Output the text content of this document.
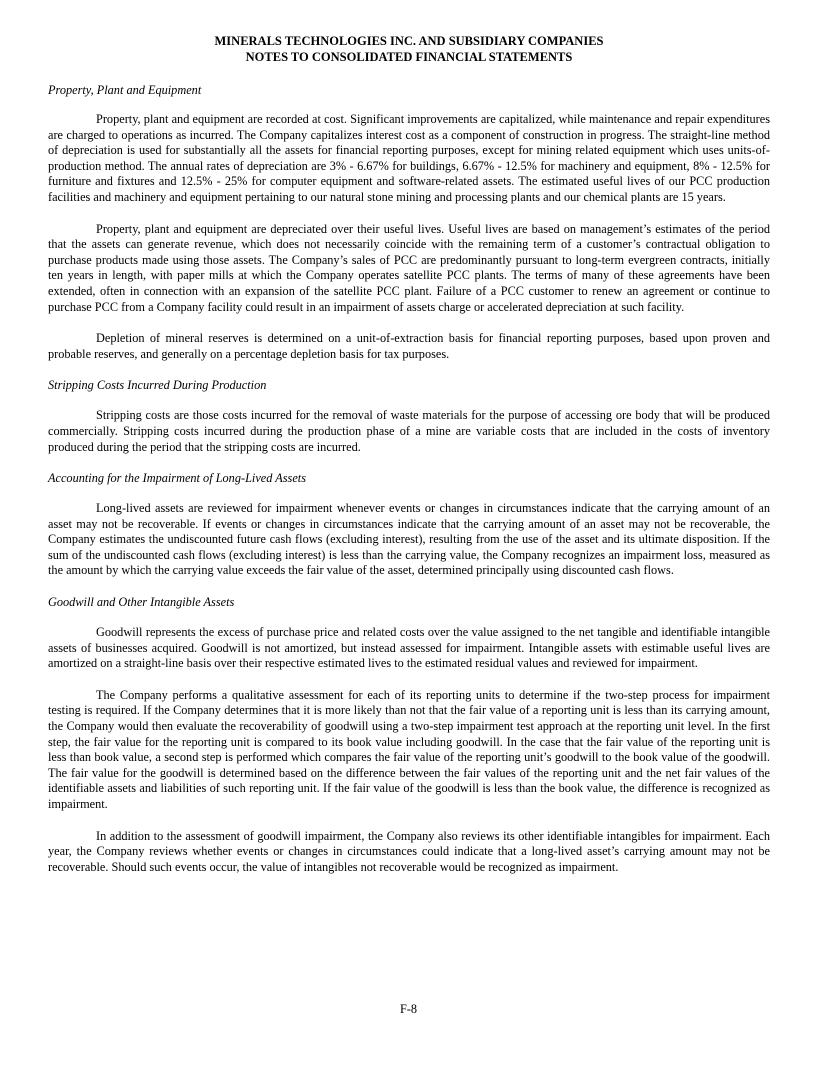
MINERALS TECHNOLOGIES INC. AND SUBSIDIARY COMPANIES

NOTES TO CONSOLIDATED FINANCIAL STATEMENTS

Property, Plant and Equipment

Property, plant and equipment are recorded at cost. Significant improvements are capitalized, while maintenance and repair expenditures are charged to operations as incurred. The Company capitalizes interest cost as a component of construction in progress. The straight-line method of depreciation is used for substantially all the assets for financial reporting purposes, except for mining related equipment which uses units-of-production method. The annual rates of depreciation are 3% - 6.67% for buildings, 6.67% - 12.5% for machinery and equipment, 8% - 12.5% for furniture and fixtures and 12.5% - 25% for computer equipment and software-related assets. The estimated useful lives of our PCC production facilities and machinery and equipment pertaining to our natural stone mining and processing plants and our chemical plants are 15 years.

Property, plant and equipment are depreciated over their useful lives. Useful lives are based on management’s estimates of the period that the assets can generate revenue, which does not necessarily coincide with the remaining term of a customer’s contractual obligation to purchase products made using those assets. The Company’s sales of PCC are predominantly pursuant to long-term evergreen contracts, initially ten years in length, with paper mills at which the Company operates satellite PCC plants. The terms of many of these agreements have been extended, often in connection with an expansion of the satellite PCC plant. Failure of a PCC customer to renew an agreement or continue to purchase PCC from a Company facility could result in an impairment of assets charge or accelerated depreciation at such facility.

Depletion of mineral reserves is determined on a unit-of-extraction basis for financial reporting purposes, based upon proven and probable reserves, and generally on a percentage depletion basis for tax purposes.

Stripping Costs Incurred During Production

Stripping costs are those costs incurred for the removal of waste materials for the purpose of accessing ore body that will be produced commercially. Stripping costs incurred during the production phase of a mine are variable costs that are included in the costs of inventory produced during the period that the stripping costs are incurred.

Accounting for the Impairment of Long-Lived Assets

Long-lived assets are reviewed for impairment whenever events or changes in circumstances indicate that the carrying amount of an asset may not be recoverable. If events or changes in circumstances indicate that the carrying amount of an asset may not be recoverable, the Company estimates the undiscounted future cash flows (excluding interest), resulting from the use of the asset and its ultimate disposition. If the sum of the undiscounted cash flows (excluding interest) is less than the carrying value, the Company recognizes an impairment loss, measured as the amount by which the carrying value exceeds the fair value of the asset, determined principally using discounted cash flows.

Goodwill and Other Intangible Assets

Goodwill represents the excess of purchase price and related costs over the value assigned to the net tangible and identifiable intangible assets of businesses acquired. Goodwill is not amortized, but instead assessed for impairment. Intangible assets with estimable useful lives are amortized on a straight-line basis over their respective estimated lives to the estimated residual values and reviewed for impairment.

The Company performs a qualitative assessment for each of its reporting units to determine if the two-step process for impairment testing is required. If the Company determines that it is more likely than not that the fair value of a reporting unit is less than its carrying amount, the Company would then evaluate the recoverability of goodwill using a two-step impairment test approach at the reporting unit level. In the first step, the fair value for the reporting unit is compared to its book value including goodwill. In the case that the fair value of the reporting unit is less than book value, a second step is performed which compares the fair value of the reporting unit’s goodwill to the book value of the goodwill. The fair value for the goodwill is determined based on the difference between the fair values of the reporting unit and the net fair values of the identifiable assets and liabilities of such reporting unit. If the fair value of the goodwill is less than the book value, the difference is recognized as impairment.

In addition to the assessment of goodwill impairment, the Company also reviews its other identifiable intangibles for impairment. Each year, the Company reviews whether events or changes in circumstances could indicate that a long-lived asset’s carrying amount may not be recoverable. Should such events occur, the value of intangibles not recoverable would be recognized as impairment.

F-8
